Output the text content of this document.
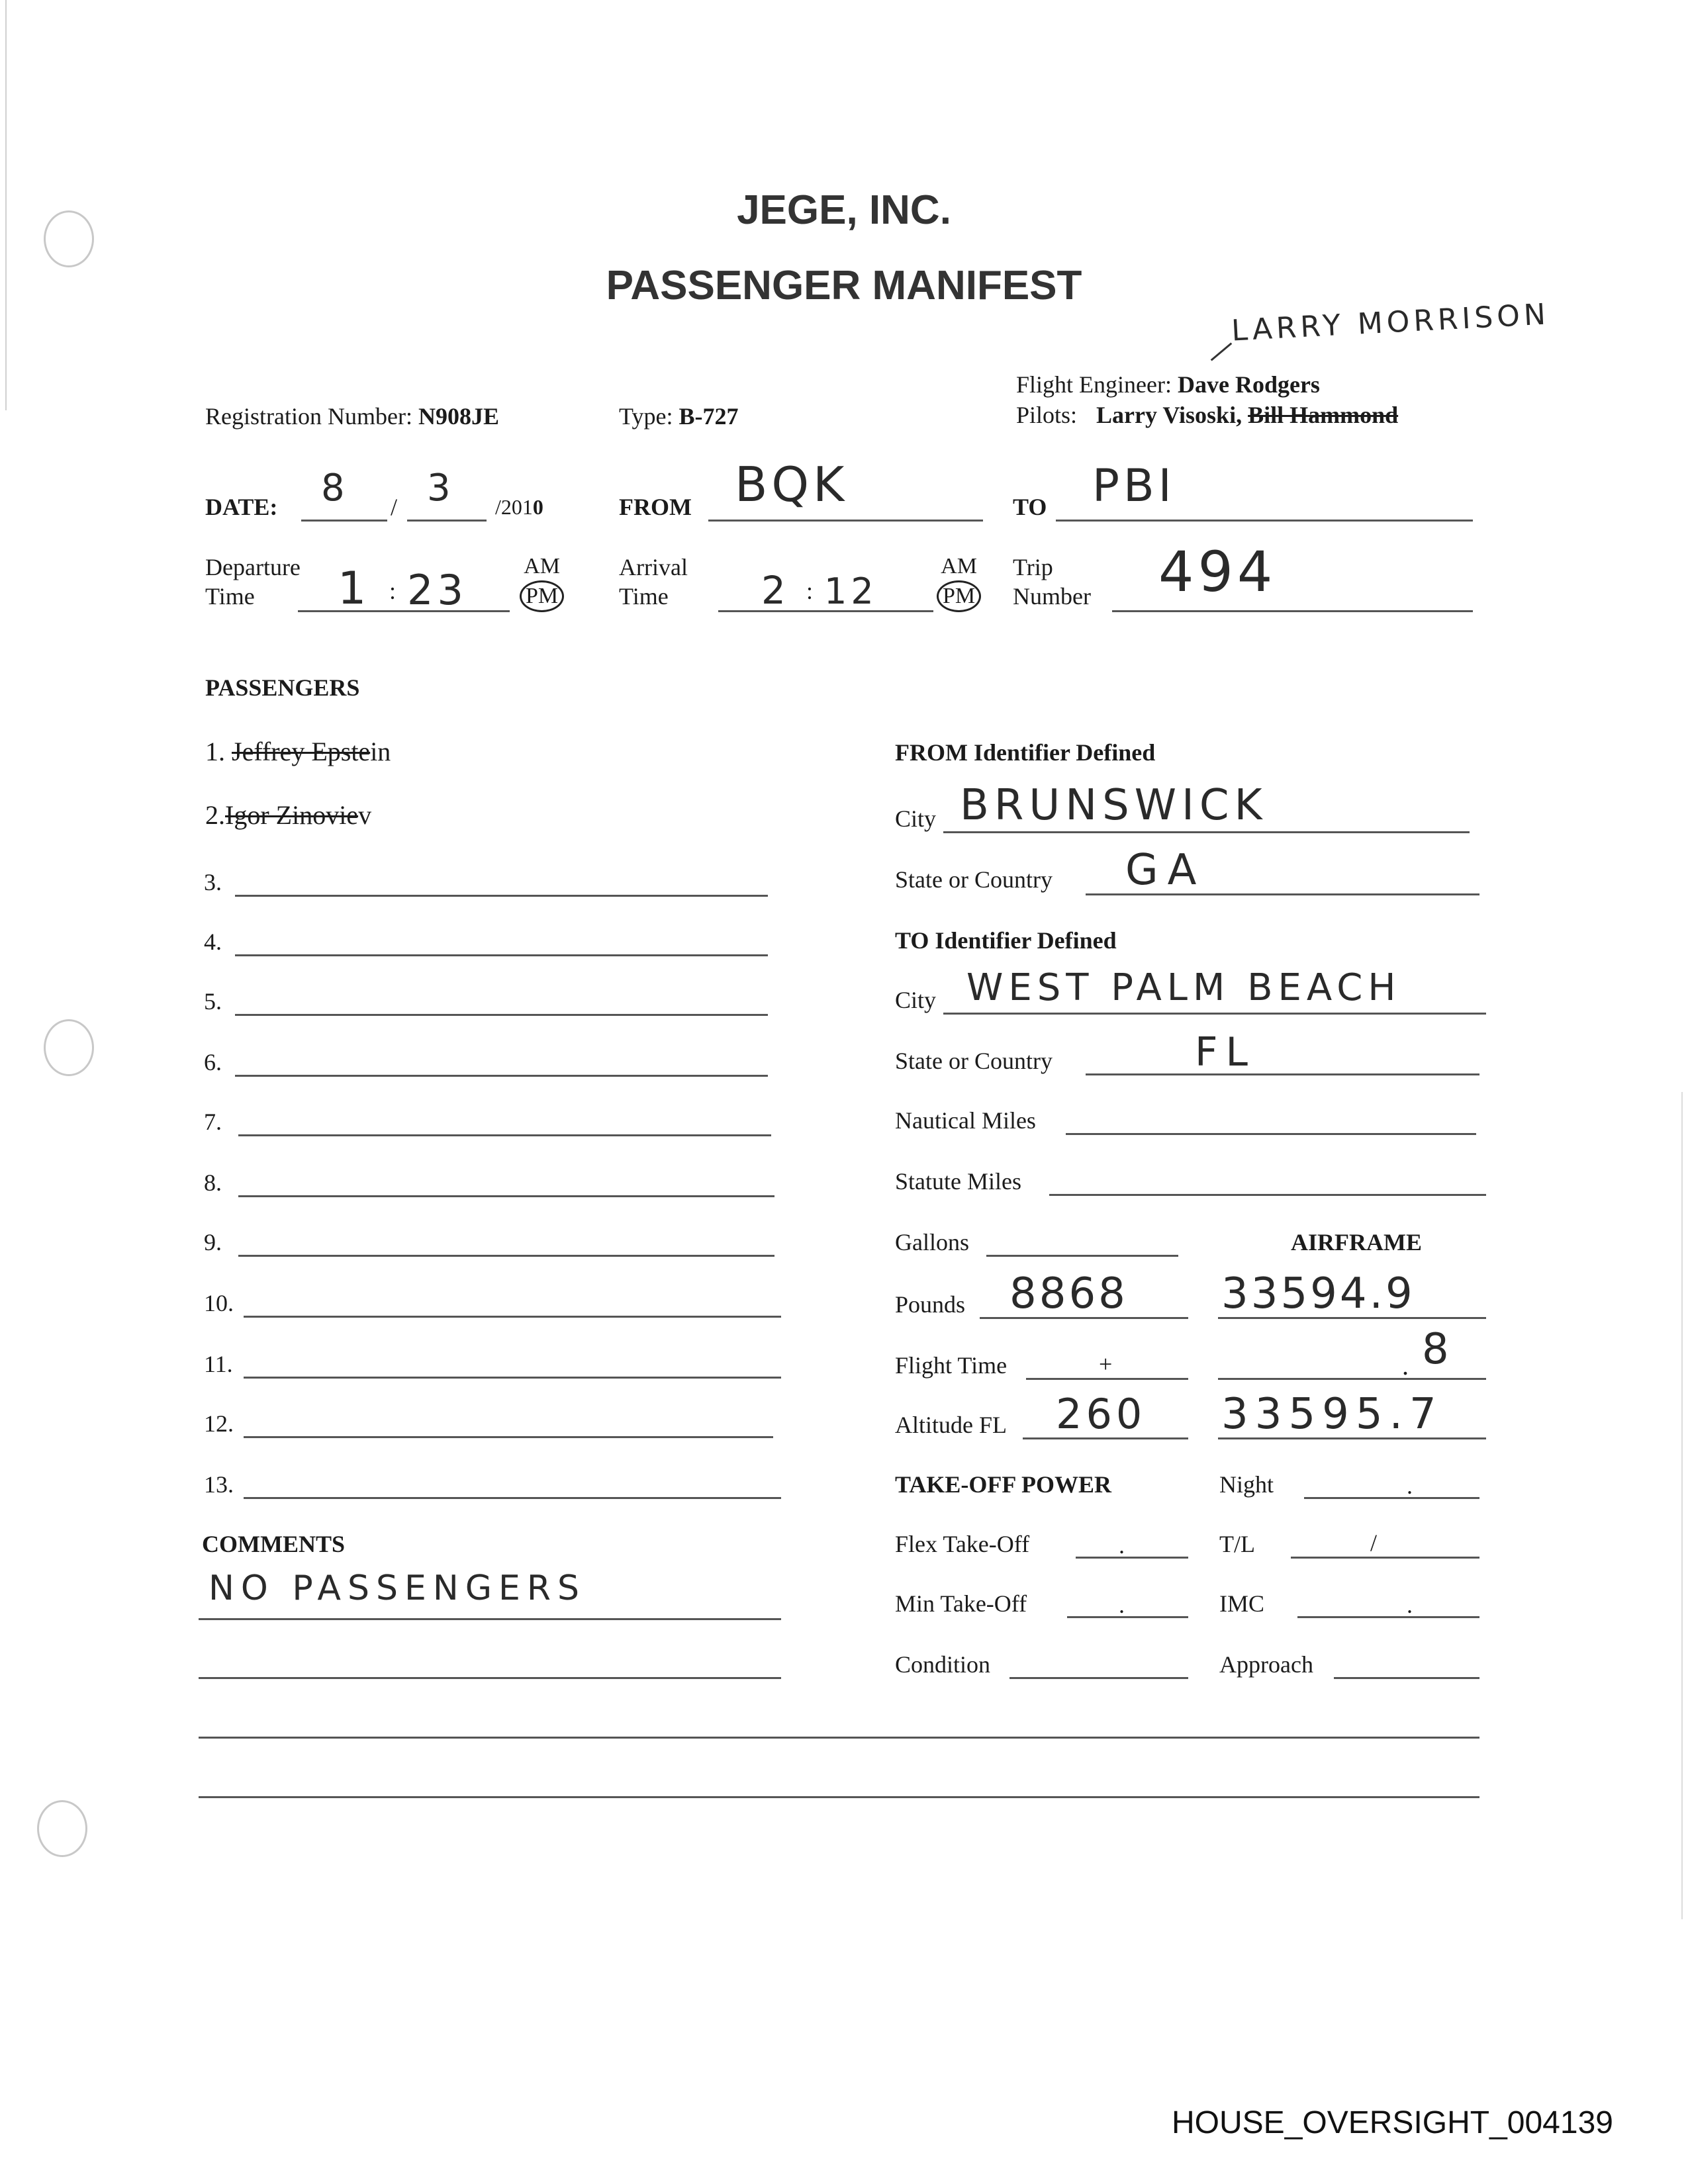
JEGE, INC.
PASSENGER MANIFEST
LARRY MORRISON
Flight Engineer: Dave Rodgers
Pilots: Larry Visoski, Bill Hammond
Registration Number: N908JE	Type: B-727
DATE: 8 / 3 /2010	FROM BQK	TO PBI
Departure
Time	1 : 23	AM
PM
Arrival
Time	2 : 12
AM
PM
Trip
Number 494
PASSENGERS
1. Jeffrey Epstein
2.Igor Zinoviev
3.
4.
5.
6.
7.
8.
9.
10.
11.
12.
13.
COMMENTS
NO PASSENGERS
FROM Identifier Defined
City BRUNSWICK
State or Country GA
TO Identifier Defined
City WEST PALM BEACH
State or Country	FL
Nautical Miles
Statute Miles
Gallons	AIRFRAME
Pounds 8868 33594.9
Flight Time	+	. 8
Altitude FL 260 33595.7
TAKE-OFF POWER	Night	.
Flex Take-Off	.	T/L	/
Min Take-Off	.	IMC	.
Condition	Approach
HOUSE_OVERSIGHT_004139
